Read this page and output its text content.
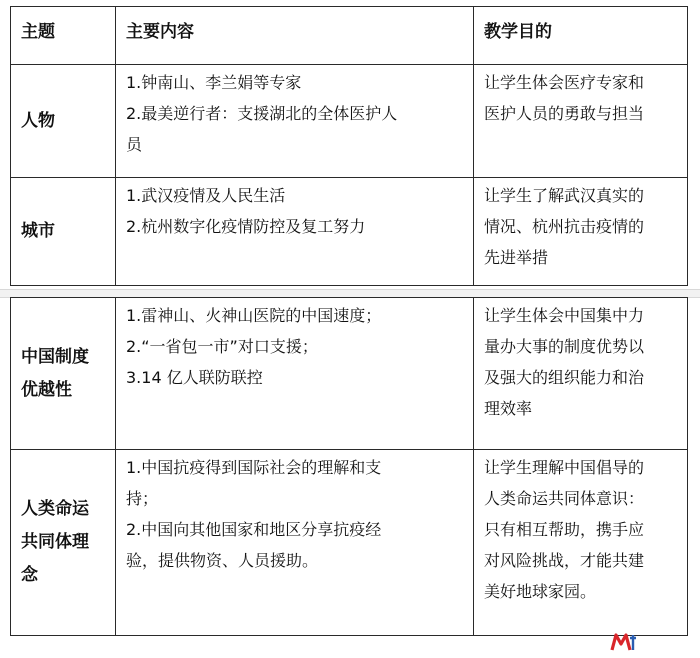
主题	主要内容	教学目的

人物	1.钟南山、李兰娟等专家
2.最美逆行者：支援湖北的全体医护人
员	让学生体会医疗专家和
医护人员的勇敢与担当

城市	1.武汉疫情及人民生活
2.杭州数字化疫情防控及复工努力	让学生了解武汉真实的
情况、杭州抗击疫情的
先进举措
中国制度
优越性	1.雷神山、火神山医院的中国速度；
2.“一省包一市”对口支援；
3.14 亿人联防联控	让学生体会中国集中力
量办大事的制度优势以
及强大的组织能力和治
理效率

人类命运
共同体理
念	1.中国抗疫得到国际社会的理解和支
持；
2.中国向其他国家和地区分享抗疫经
验，提供物资、人员援助。	让学生理解中国倡导的
人类命运共同体意识：
只有相互帮助，携手应
对风险挑战，才能共建
美好地球家园。
